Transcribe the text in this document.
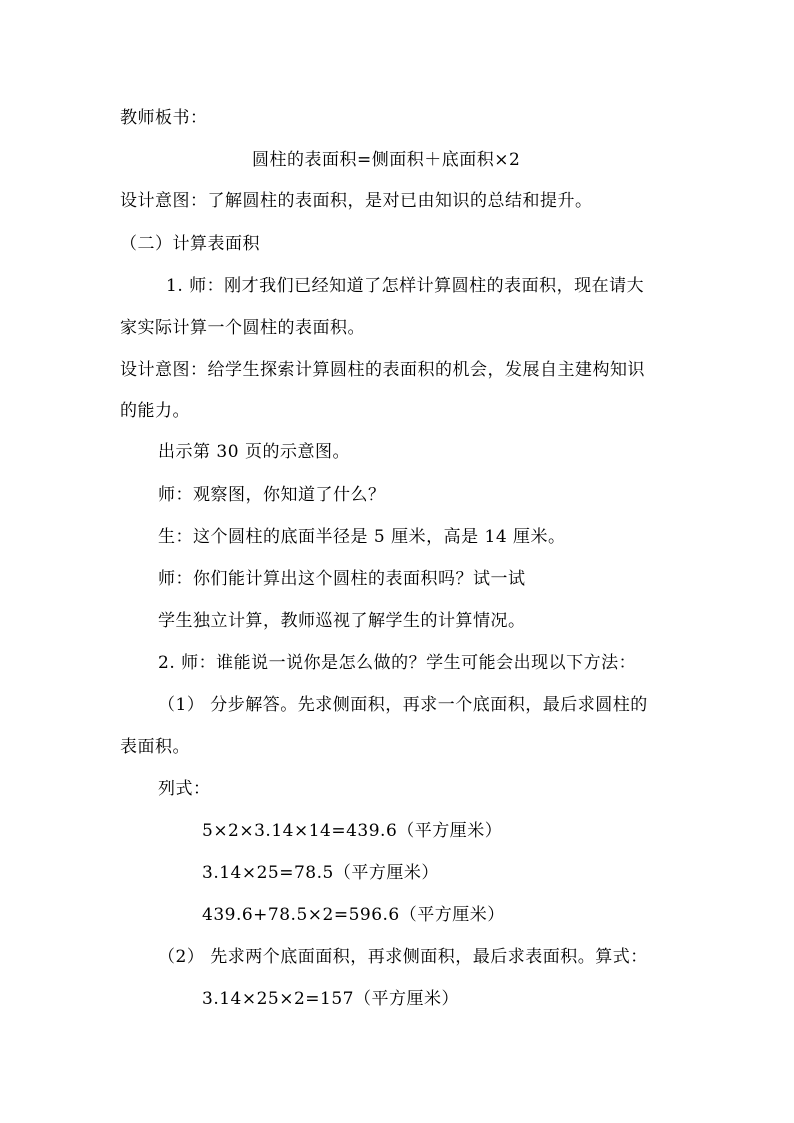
教师板书：
圆柱的表面积=侧面积＋底面积×2
设计意图：了解圆柱的表面积，是对已由知识的总结和提升。
（二）计算表面积
1. 师：刚才我们已经知道了怎样计算圆柱的表面积，现在请大
家实际计算一个圆柱的表面积。
设计意图：给学生探索计算圆柱的表面积的机会，发展自主建构知识
的能力。
出示第 30 页的示意图。
师：观察图，你知道了什么？
生：这个圆柱的底面半径是 5 厘米，高是 14 厘米。
师：你们能计算出这个圆柱的表面积吗？试一试
学生独立计算，教师巡视了解学生的计算情况。
2. 师：谁能说一说你是怎么做的？学生可能会出现以下方法：
（1） 分步解答。先求侧面积，再求一个底面积，最后求圆柱的
表面积。
列式：
5×2×3.14×14=439.6（平方厘米）
3.14×25=78.5（平方厘米）
439.6+78.5×2=596.6（平方厘米）
（2） 先求两个底面面积，再求侧面积，最后求表面积。算式：
3.14×25×2=157（平方厘米）
